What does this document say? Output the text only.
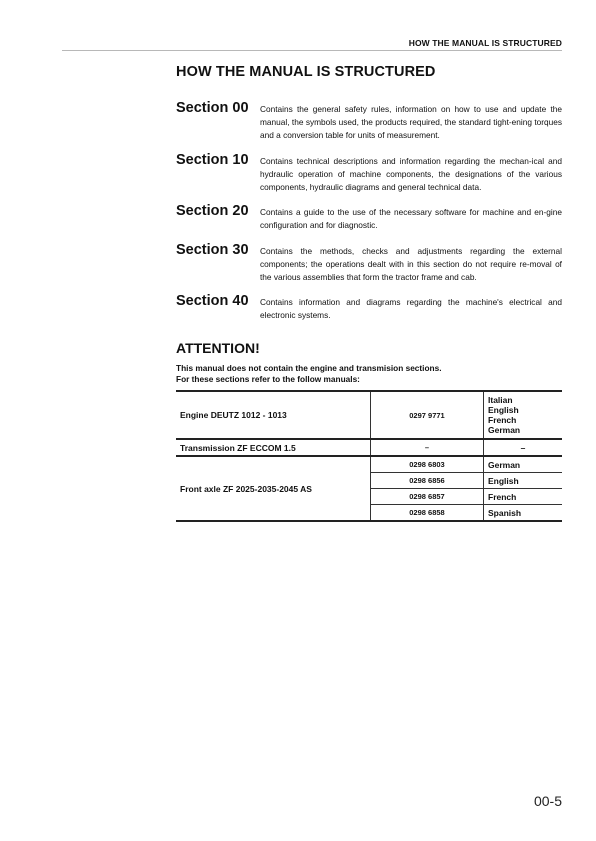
HOW THE MANUAL IS STRUCTURED
HOW THE MANUAL IS STRUCTURED
Section 00 Contains the general safety rules, information on how to use and update the manual, the symbols used, the products required, the standard tight-ening torques and a conversion table for units of measurement.
Section 10 Contains technical descriptions and information regarding the mechan-ical and hydraulic operation of machine components, the designations of the various components, hydraulic diagrams and general technical data.
Section 20 Contains a guide to the use of the necessary software for machine and en-gine configuration and for diagnostic.
Section 30 Contains the methods, checks and adjustments regarding the external components; the operations dealt with in this section do not require re-moval of the various assemblies that form the tractor frame and cab.
Section 40 Contains information and diagrams regarding the machine's electrical and electronic systems.
ATTENTION!
This manual does not contain the engine and transmision sections.
For these sections refer to the follow manuals:
Engine DEUTZ 1012 - 1013	0297 9771	Italian
English
French
German

Transmission ZF ECCOM 1.5	–	–
Front axle ZF 2025-2035-2045 AS	0298 6803	German
	0298 6856	English
	0298 6857	French
	0298 6858	Spanish
00-5
